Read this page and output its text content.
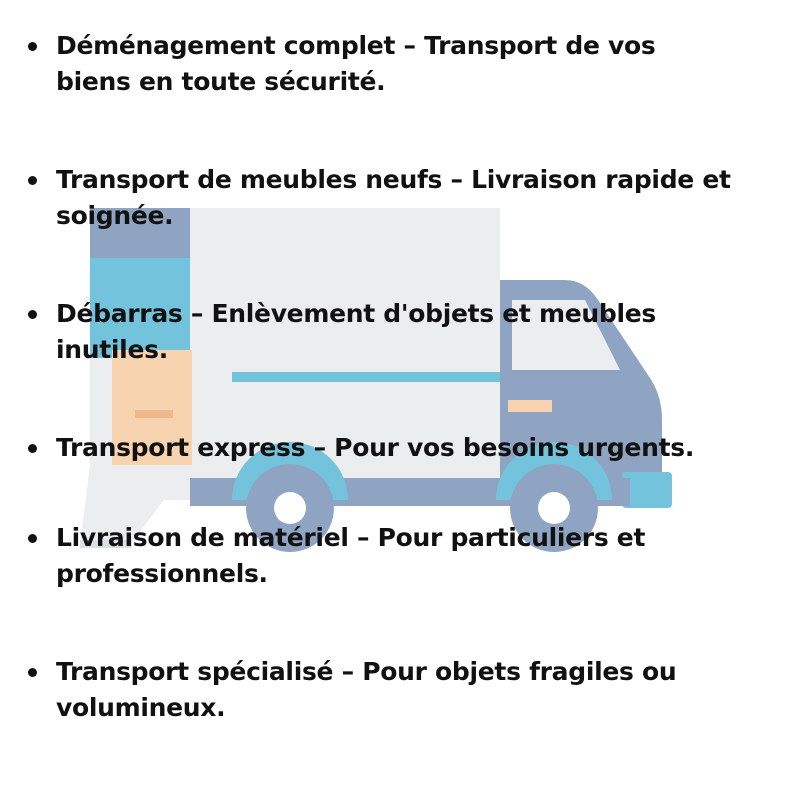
Déménagement complet – Transport de vos
biens en toute sécurité.
Transport de meubles neufs – Livraison rapide et
soignée.
Débarras – Enlèvement d'objets et meubles
inutiles.
Transport express – Pour vos besoins urgents.
Livraison de matériel – Pour particuliers et
professionnels.
Transport spécialisé – Pour objets fragiles ou
volumineux.
